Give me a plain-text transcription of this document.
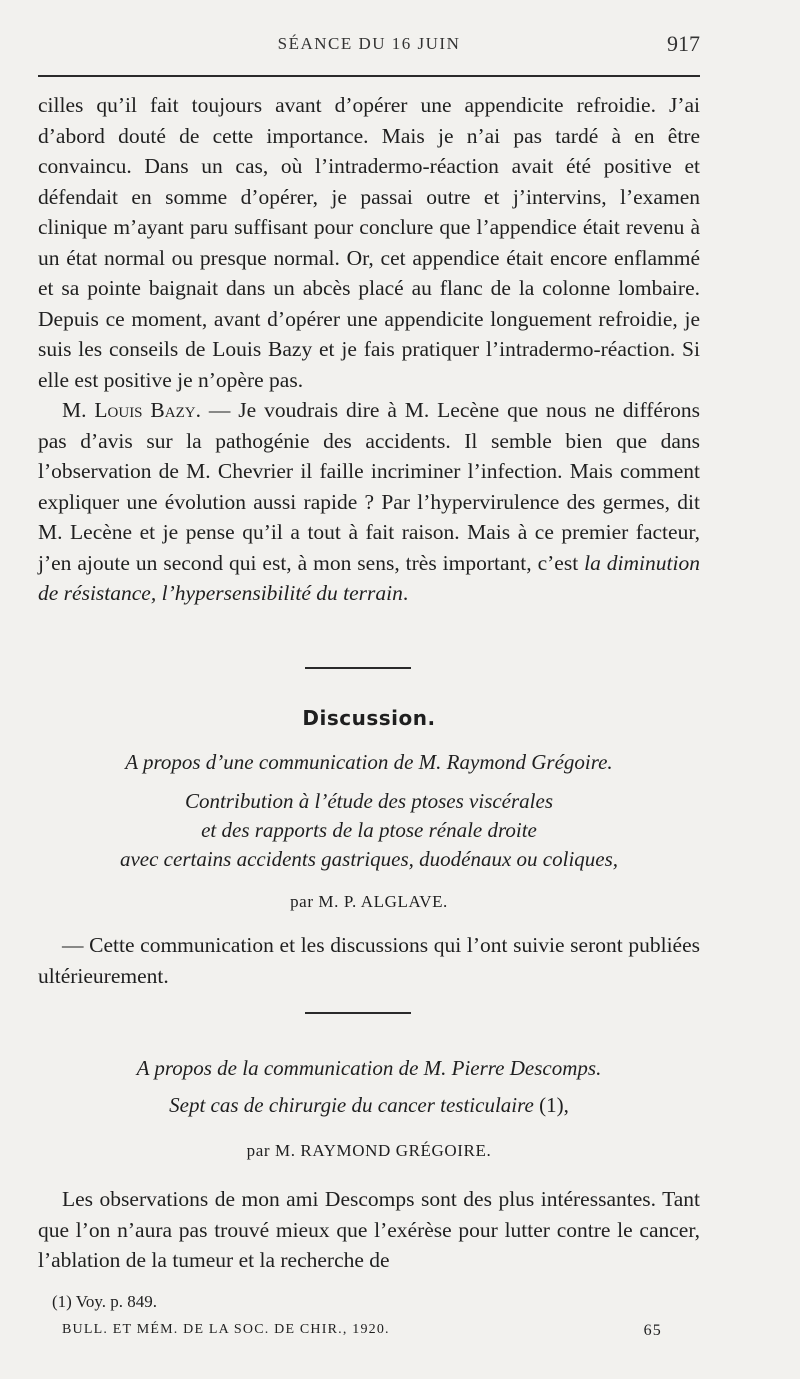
SÉANCE DU 16 JUIN	917

cilles qu’il fait toujours avant d’opérer une appendicite refroidie. J’ai d’abord douté de cette importance. Mais je n’ai pas tardé à en être convaincu. Dans un cas, où l’intradermo-réaction avait été positive et défendait en somme d’opérer, je passai outre et j’intervins, l’examen clinique m’ayant paru suffisant pour conclure que l’appendice était revenu à un état normal ou presque normal. Or, cet appendice était encore enflammé et sa pointe baignait dans un abcès placé au flanc de la colonne lombaire. Depuis ce moment, avant d’opérer une appendicite longuement refroidie, je suis les conseils de Louis Bazy et je fais pratiquer l’intradermo-réaction. Si elle est positive je n’opère pas.

M. Louis Bazy. — Je voudrais dire à M. Lecène que nous ne différons pas d’avis sur la pathogénie des accidents. Il semble bien que dans l’observation de M. Chevrier il faille incriminer l’infection. Mais comment expliquer une évolution aussi rapide ? Par l’hypervirulence des germes, dit M. Lecène et je pense qu’il a tout à fait raison. Mais à ce premier facteur, j’en ajoute un second qui est, à mon sens, très important, c’est la diminution de résistance, l’hypersensibilité du terrain.

Discussion.
A propos d’une communication de M. Raymond Grégoire.
Contribution à l’étude des ptoses viscérales
et des rapports de la ptose rénale droite
avec certains accidents gastriques, duodénaux ou coliques,
par M. P. ALGLAVE.

— Cette communication et les discussions qui l’ont suivie seront publiées ultérieurement.

A propos de la communication de M. Pierre Descomps.
Sept cas de chirurgie du cancer testiculaire (1),
par M. RAYMOND GRÉGOIRE.

Les observations de mon ami Descomps sont des plus intéressantes. Tant que l’on n’aura pas trouvé mieux que l’exérèse pour lutter contre le cancer, l’ablation de la tumeur et la recherche de

(1) Voy. p. 849.
BULL. ET MÉM. DE LA SOC. DE CHIR., 1920.	65
